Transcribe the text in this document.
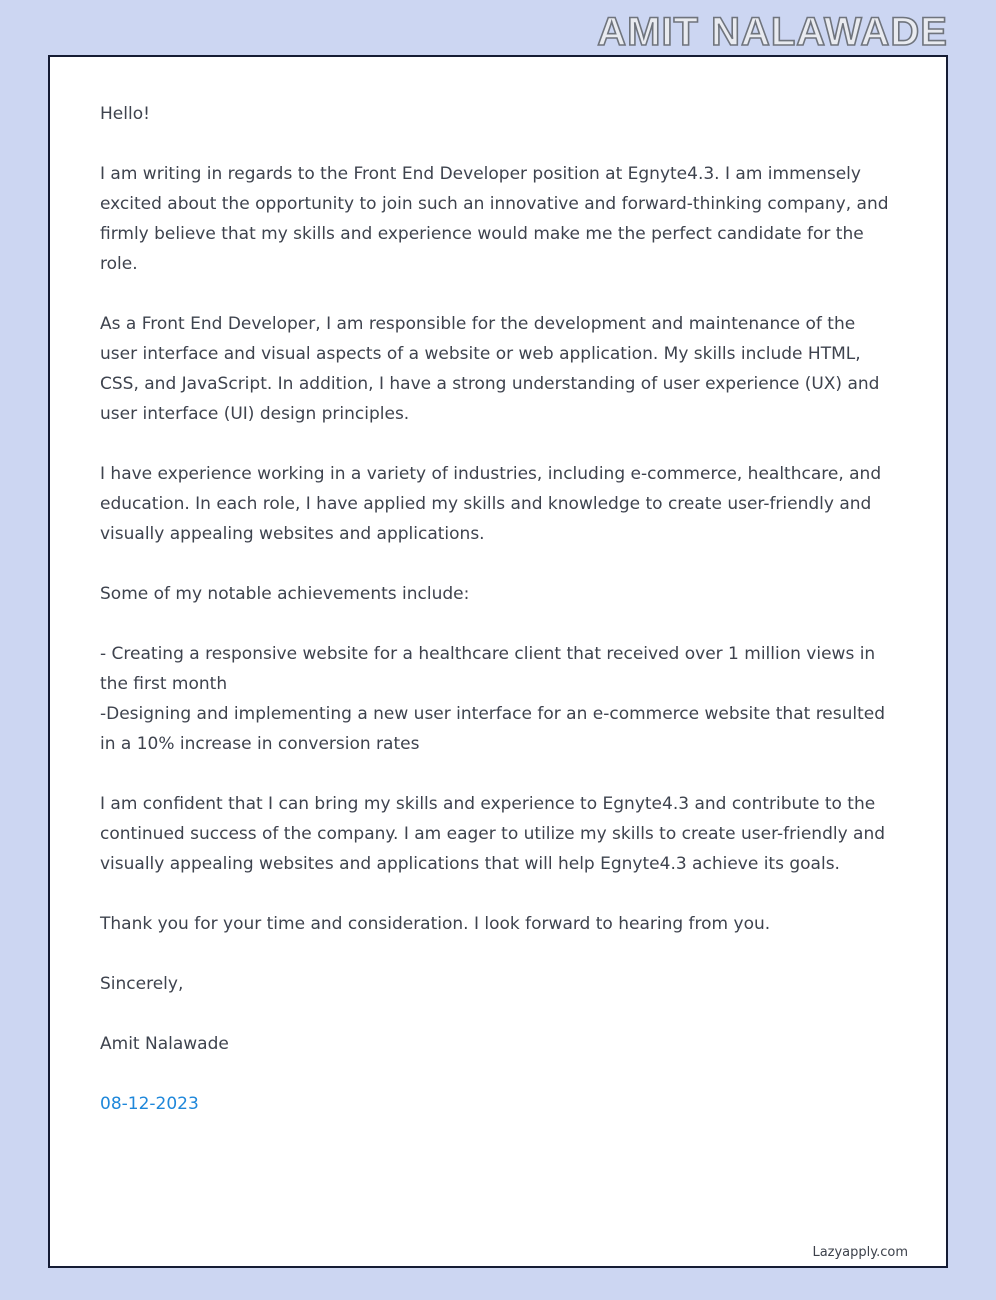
AMIT NALAWADE

Hello!

I am writing in regards to the Front End Developer position at Egnyte4.3. I am immensely excited about the opportunity to join such an innovative and forward-thinking company, and firmly believe that my skills and experience would make me the perfect candidate for the role.

As a Front End Developer, I am responsible for the development and maintenance of the user interface and visual aspects of a website or web application. My skills include HTML, CSS, and JavaScript. In addition, I have a strong understanding of user experience (UX) and user interface (UI) design principles.

I have experience working in a variety of industries, including e-commerce, healthcare, and education. In each role, I have applied my skills and knowledge to create user-friendly and visually appealing websites and applications.

Some of my notable achievements include:

- Creating a responsive website for a healthcare client that received over 1 million views in the first month
-Designing and implementing a new user interface for an e-commerce website that resulted in a 10% increase in conversion rates

I am confident that I can bring my skills and experience to Egnyte4.3 and contribute to the continued success of the company. I am eager to utilize my skills to create user-friendly and visually appealing websites and applications that will help Egnyte4.3 achieve its goals.

Thank you for your time and consideration. I look forward to hearing from you.

Sincerely,

Amit Nalawade

08-12-2023

Lazyapply.com
